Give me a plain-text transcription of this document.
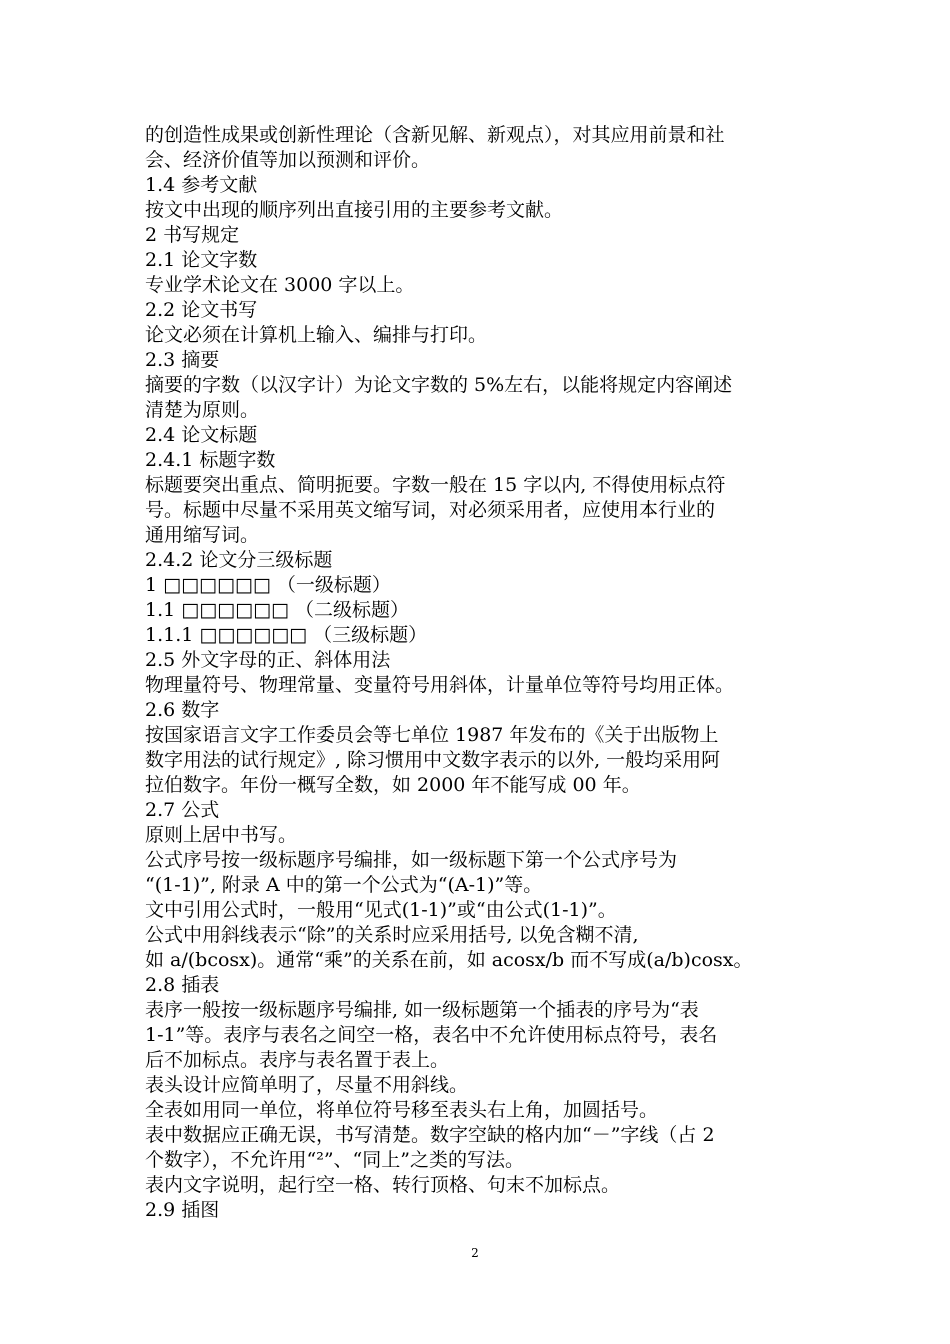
的创造性成果或创新性理论（含新见解、新观点），对其应用前景和社
会、经济价值等加以预测和评价。
1.4 参考文献
按文中出现的顺序列出直接引用的主要参考文献。
2 书写规定
2.1 论文字数
专业学术论文在 3000 字以上。
2.2 论文书写
论文必须在计算机上输入、编排与打印。
2.3 摘要
摘要的字数（以汉字计）为论文字数的 5%左右，以能将规定内容阐述
清楚为原则。
2.4 论文标题
2.4.1 标题字数
标题要突出重点、简明扼要。字数一般在 15 字以内, 不得使用标点符
号。标题中尽量不采用英文缩写词，对必须采用者，应使用本行业的
通用缩写词。
2.4.2 论文分三级标题
1 □□□□□□ （一级标题）
1.1 □□□□□□ （二级标题）
1.1.1 □□□□□□ （三级标题）
2.5 外文字母的正、斜体用法
物理量符号、物理常量、变量符号用斜体，计量单位等符号均用正体。
2.6 数字
按国家语言文字工作委员会等七单位 1987 年发布的《关于出版物上
数字用法的试行规定》, 除习惯用中文数字表示的以外, 一般均采用阿
拉伯数字。年份一概写全数，如 2000 年不能写成 00 年。
2.7 公式
原则上居中书写。
公式序号按一级标题序号编排，如一级标题下第一个公式序号为
“(1-1)”, 附录 A 中的第一个公式为“(A-1)”等。
文中引用公式时，一般用“见式(1-1)”或“由公式(1-1)”。
公式中用斜线表示“除”的关系时应采用括号, 以免含糊不清,
如 a/(bcosx)。通常“乘”的关系在前，如 acosx/b 而不写成(a/b)cosx。
2.8 插表
表序一般按一级标题序号编排, 如一级标题第一个插表的序号为“表
1-1”等。表序与表名之间空一格，表名中不允许使用标点符号，表名
后不加标点。表序与表名置于表上。
表头设计应简单明了，尽量不用斜线。
全表如用同一单位，将单位符号移至表头右上角，加圆括号。
表中数据应正确无误，书写清楚。数字空缺的格内加“－”字线（占 2
个数字），不允许用“²”、“同上”之类的写法。
表内文字说明，起行空一格、转行顶格、句末不加标点。
2.9 插图
2
